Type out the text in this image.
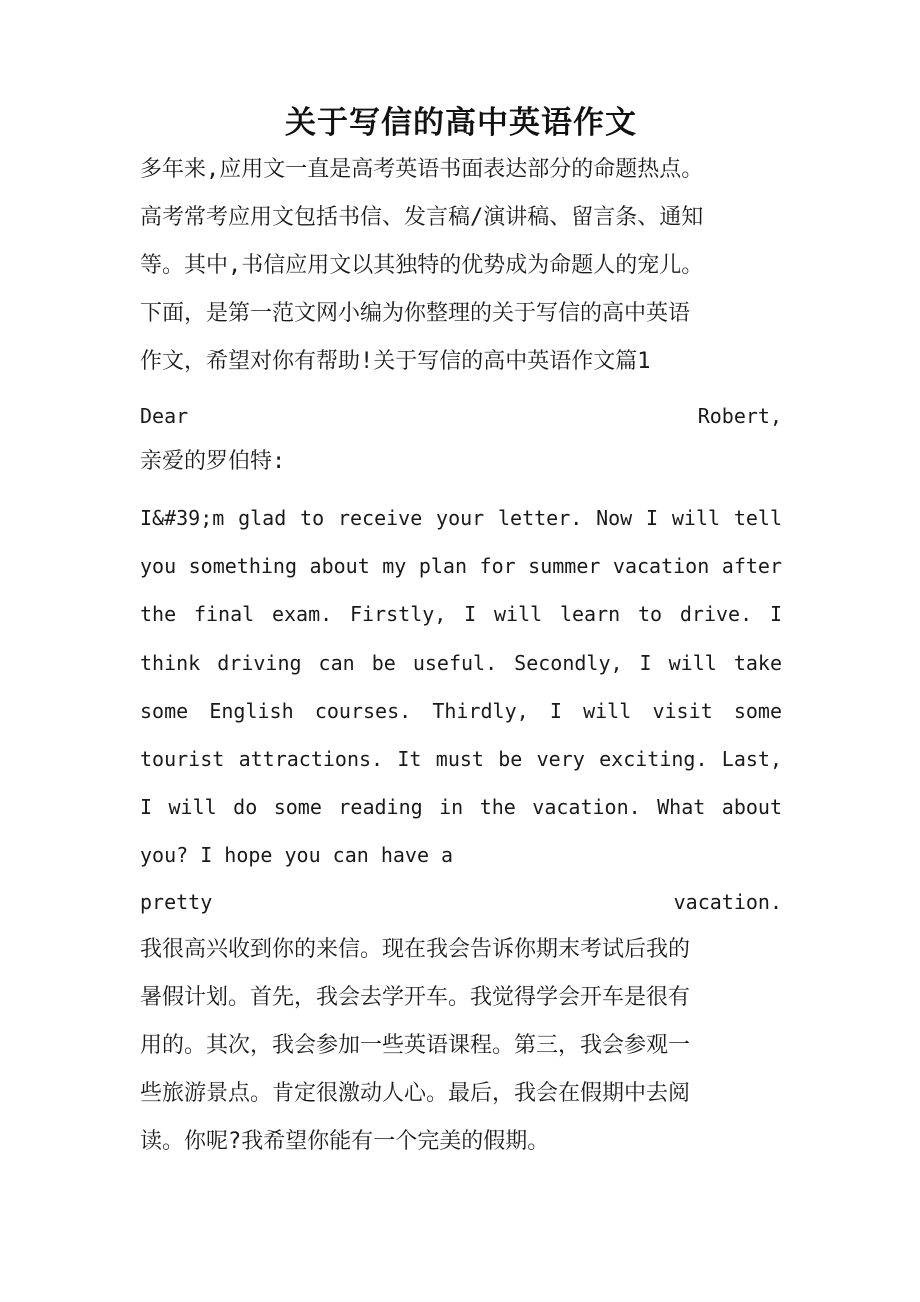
关于写信的高中英语作文
多年来,应用文一直是高考英语书面表达部分的命题热点。
高考常考应用文包括书信、发言稿/演讲稿、留言条、通知
等。其中,书信应用文以其独特的优势成为命题人的宠儿。
下面，是第一范文网小编为你整理的关于写信的高中英语
作文，希望对你有帮助!关于写信的高中英语作文篇1
Dear	Robert,

亲爱的罗伯特:

I&#39;m glad to receive your letter. Now I will tell you something about my plan for summer vacation after the final exam. Firstly, I will learn to drive. I think driving can be useful. Secondly, I will take some English courses. Thirdly, I will visit some tourist attractions. It must be very exciting. Last, I will do some reading in the vacation. What about you? I hope you can have a

pretty	vacation.
我很高兴收到你的来信。现在我会告诉你期末考试后我的
暑假计划。首先，我会去学开车。我觉得学会开车是很有
用的。其次，我会参加一些英语课程。第三，我会参观一
些旅游景点。肯定很激动人心。最后，我会在假期中去阅
读。你呢?我希望你能有一个完美的假期。
